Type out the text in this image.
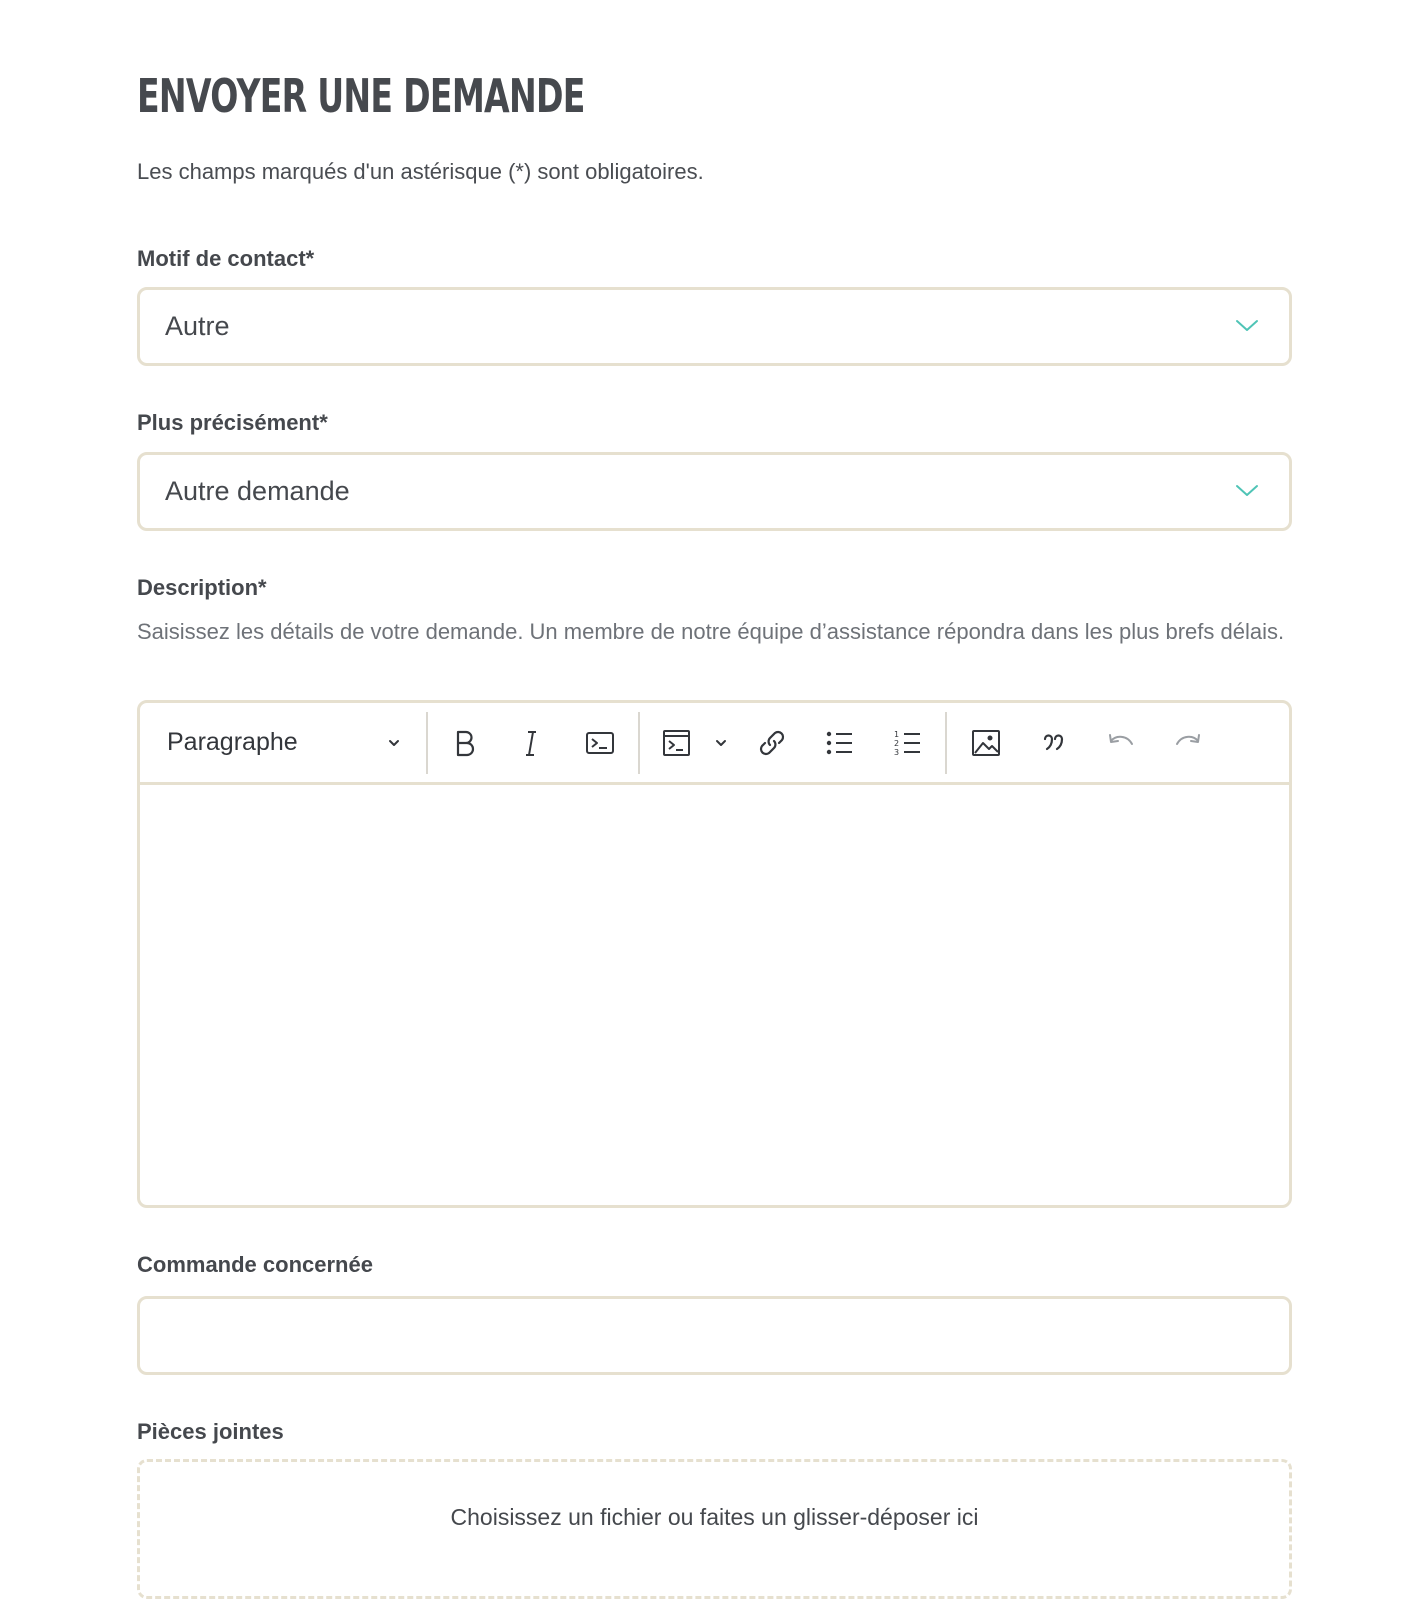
ENVOYER UNE DEMANDE
Les champs marqués d'un astérisque (*) sont obligatoires.
Motif de contact*
Autre
Plus précisément*
Autre demande
Description*
Saisissez les détails de votre demande. Un membre de notre équipe d’assistance répondra dans les plus brefs délais.
Paragraphe	1
2
3
Commande concernée
Pièces jointes
Choisissez un fichier ou faites un glisser-déposer ici
